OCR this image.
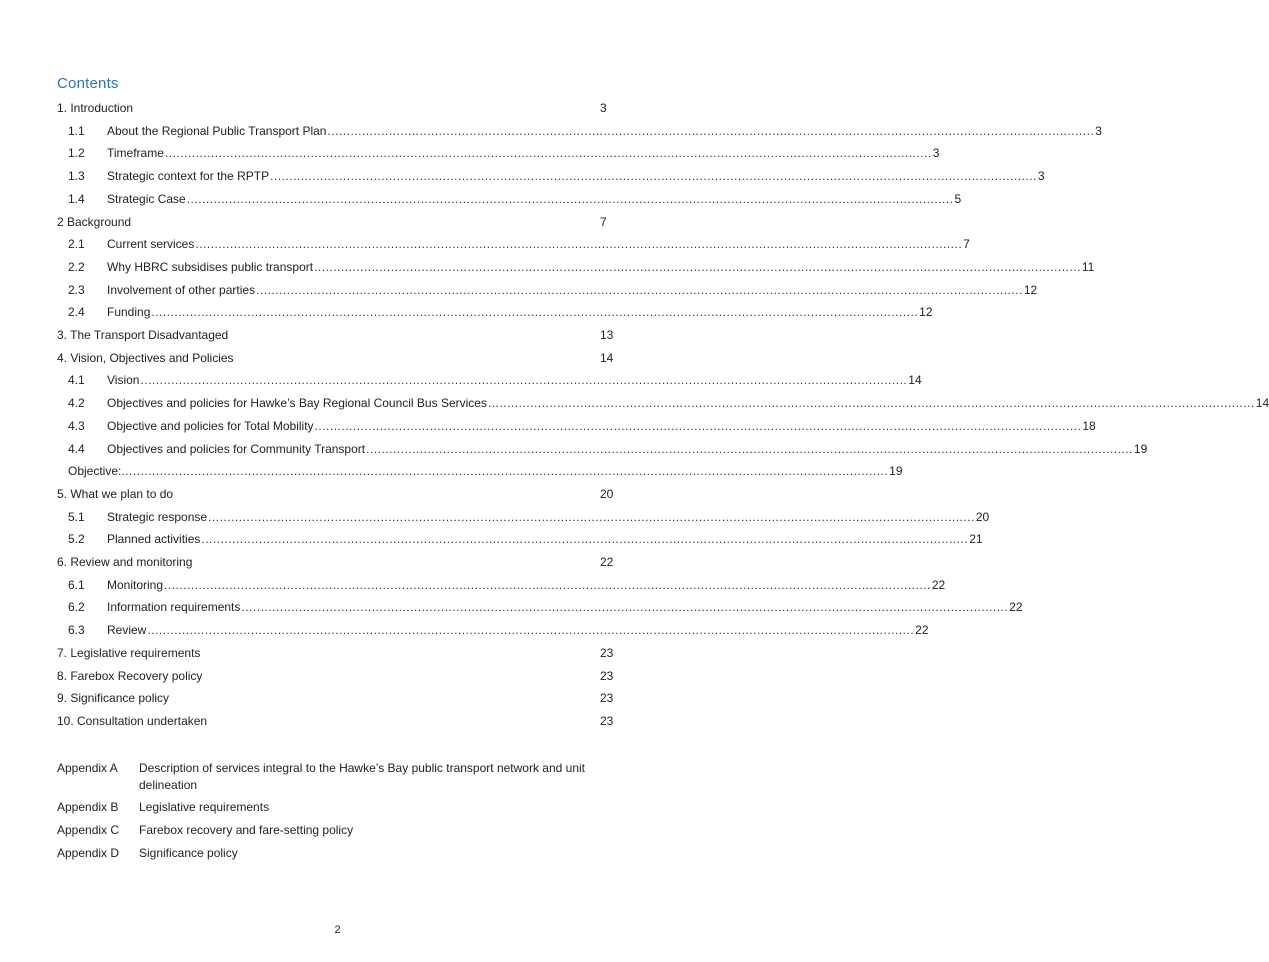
Contents
1. Introduction	3
1.1	About the Regional Public Transport Plan ........................................................................................................................................................................................................ 3
1.2	Timeframe ........................................................................................................................................................................................................ 3
1.3	Strategic context for the RPTP ........................................................................................................................................................................................................ 3
1.4	Strategic Case ........................................................................................................................................................................................................ 5
2 Background	7
2.1	Current services ........................................................................................................................................................................................................ 7
2.2	Why HBRC subsidises public transport ........................................................................................................................................................................................................ 11
2.3	Involvement of other parties ........................................................................................................................................................................................................ 12
2.4	Funding ........................................................................................................................................................................................................ 12
3. The Transport Disadvantaged	13
4. Vision, Objectives and Policies	14
4.1	Vision ........................................................................................................................................................................................................ 14
4.2	Objectives and policies for Hawke’s Bay Regional Council Bus Services ........................................................................................................................................................................................................ 14
4.3	Objective and policies for Total Mobility ........................................................................................................................................................................................................ 18
4.4	Objectives and policies for Community Transport ........................................................................................................................................................................................................ 19
Objective: ........................................................................................................................................................................................................ 19
5. What we plan to do	20
5.1	Strategic response ........................................................................................................................................................................................................ 20
5.2	Planned activities ........................................................................................................................................................................................................ 21
6. Review and monitoring	22
6.1	Monitoring ........................................................................................................................................................................................................ 22
6.2	Information requirements ........................................................................................................................................................................................................ 22
6.3	Review ........................................................................................................................................................................................................ 22
7. Legislative requirements	23
8. Farebox Recovery policy	23
9. Significance policy	23
10. Consultation undertaken	23
Appendix A	Description of services integral to the Hawke’s Bay public transport network and unit delineation
Appendix B	Legislative requirements
Appendix C	Farebox recovery and fare-setting policy
Appendix D	Significance policy
2
